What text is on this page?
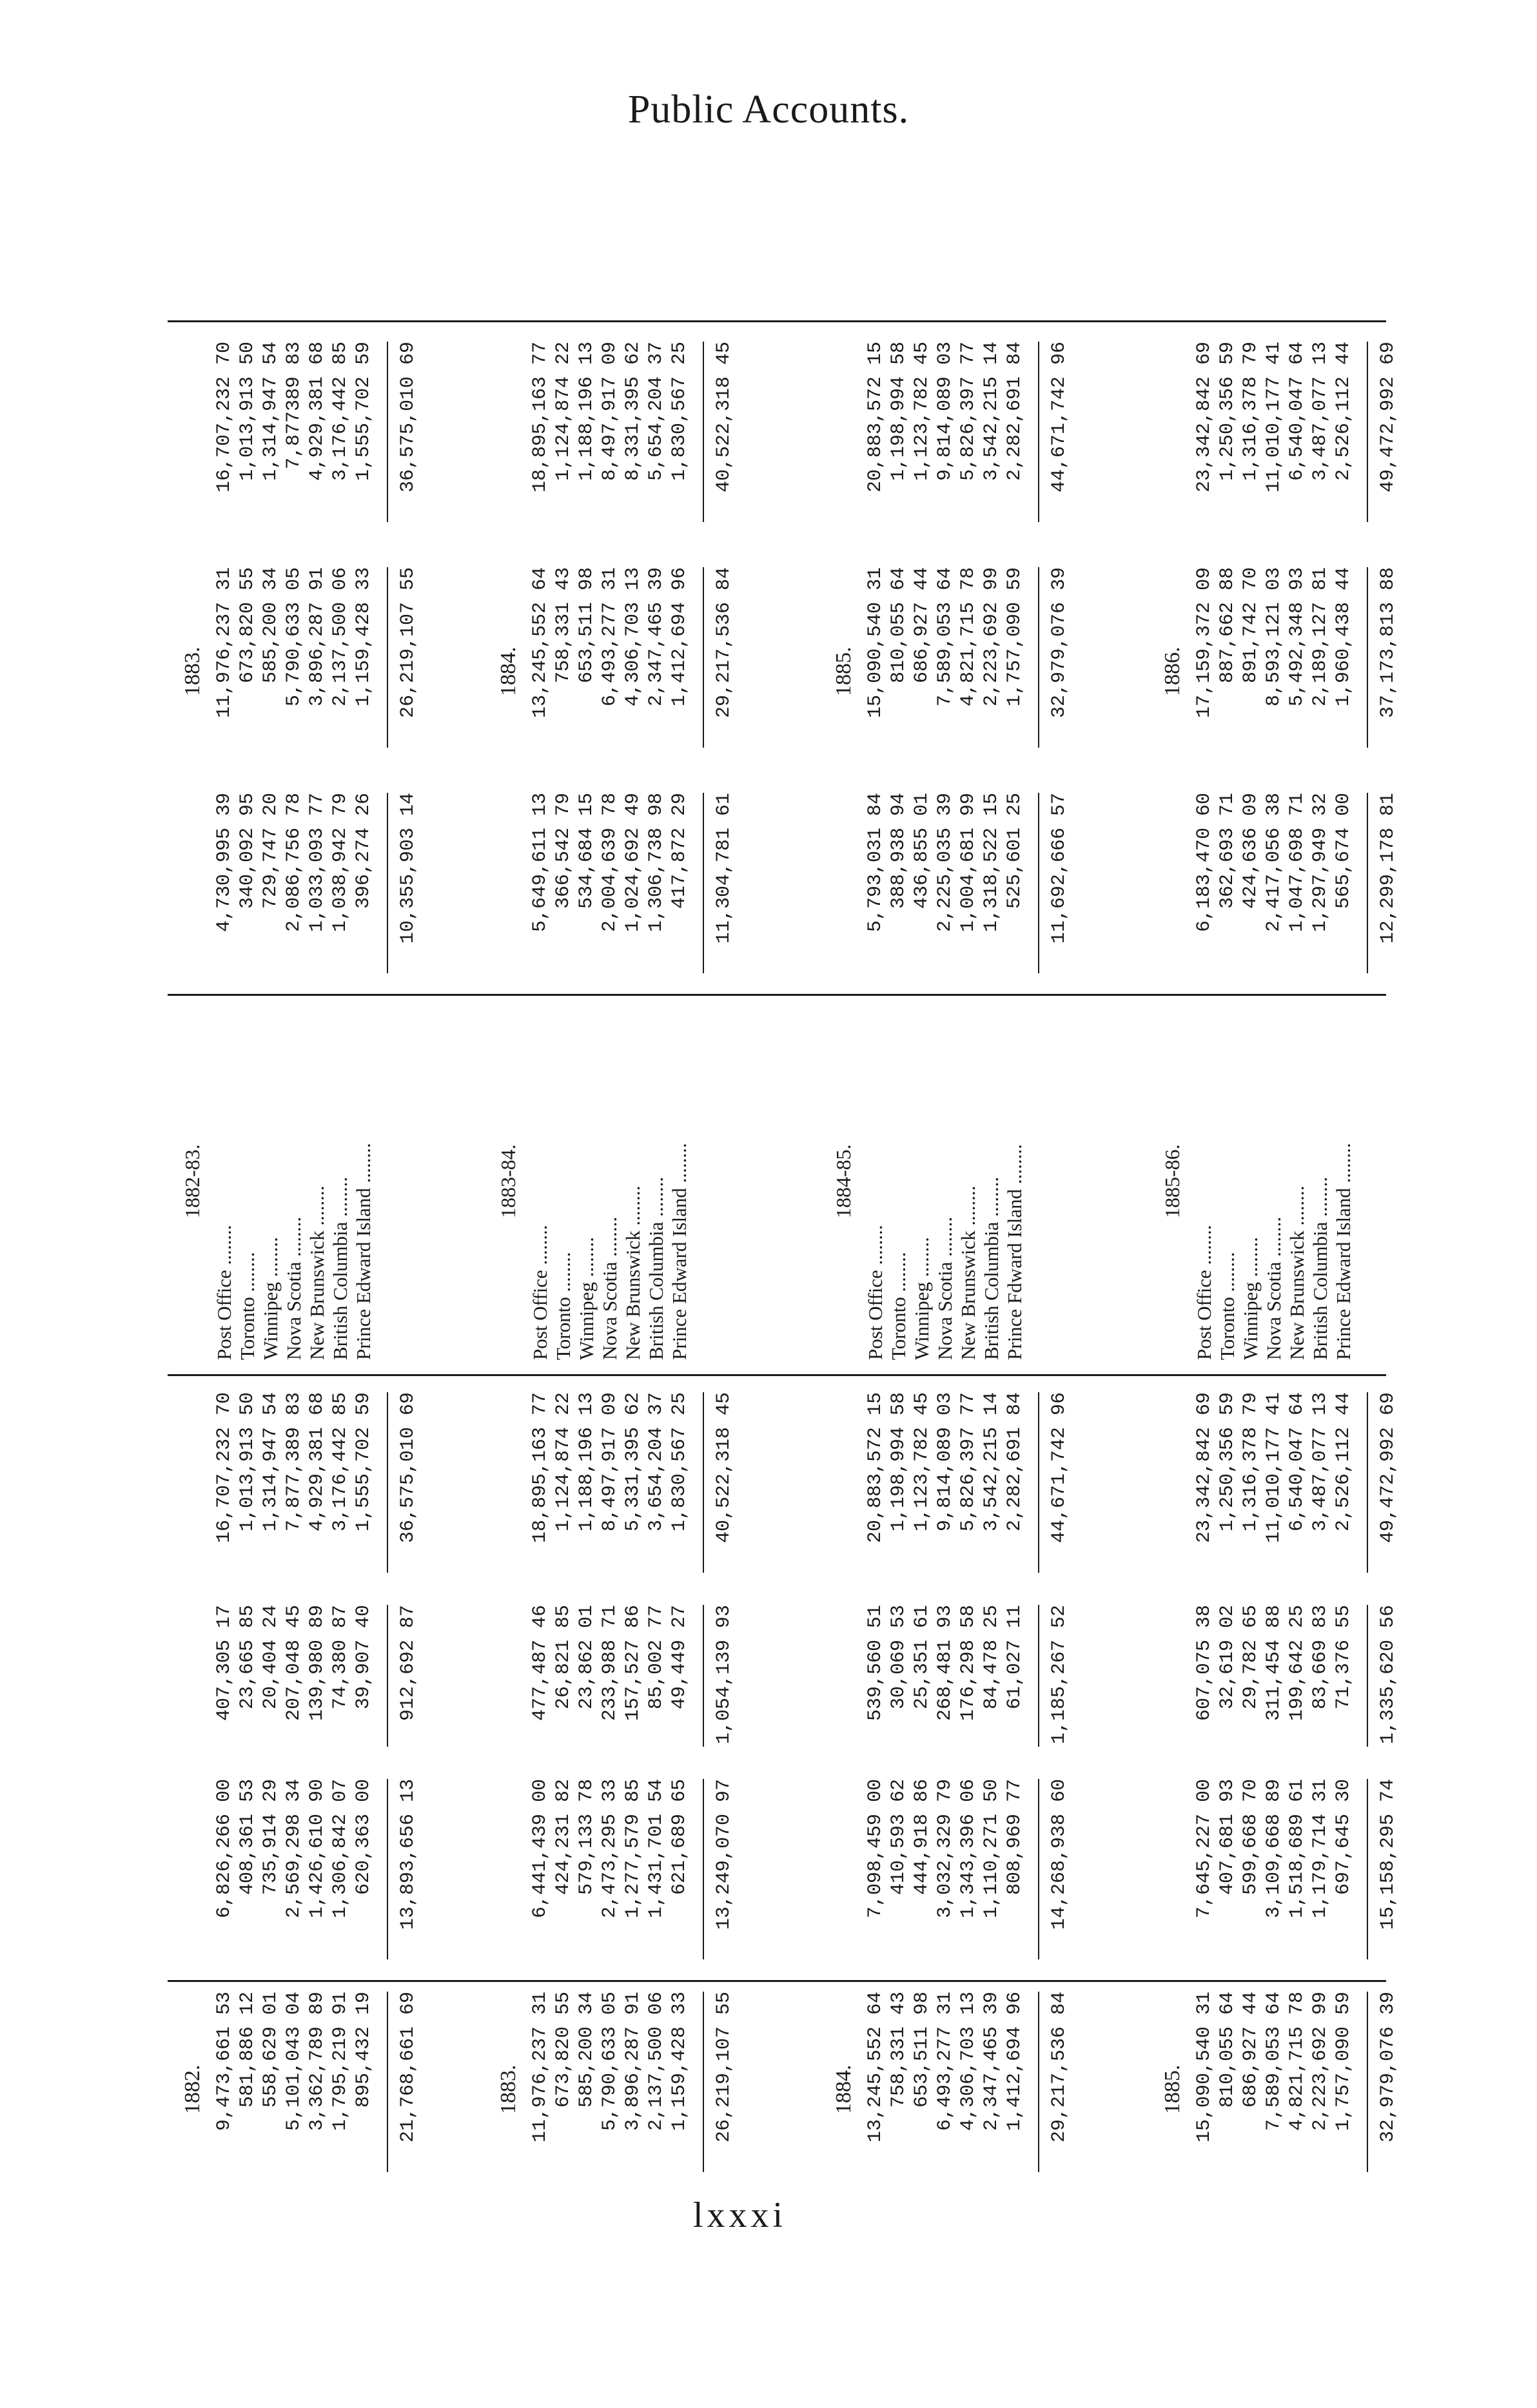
Public Accounts.
1882.
1882-83.
1883.
9,473,661 53 581,886 12 558,629 01 5,101,043 04 3,362,789 89 1,795,219 91 895,432 19 21,768,661 69
6,826,266 00 408,361 53 735,914 29 2,569,298 34 1,426,610 90 1,306,842 07 620,363 00 13,893,656 13
407,305 17 23,665 85 20,404 24 207,048 45 139,980 89 74,380 87 39,907 40 912,692 87
16,707,232 70 1,013,913 50 1,314,947 54 7,877,389 83 4,929,381 68 3,176,442 85 1,555,702 59 36,575,010 69
4,730,995 39 340,092 95 729,747 20 2,086,756 78 1,033,093 77 1,038,942 79 396,274 26 10,355,903 14
11,976,237 31 673,820 55 585,200 34 5,790,633 05 3,896,287 91 2,137,500 06 1,159,428 33 26,219,107 55
16,707,232 70 1,013,913 50 1,314,947 54 7,877389 83 4,929,381 68 3,176,442 85 1,555,702 59 36,575,010 69
Post Office ........ Toronto ........ Winnipeg ........ Nova Scotia ........ New Brunswick ........ British Columbia ........ Prince Edward Island ........
1883.
1883-84.
1884.
11,976,237 31 673,820 55 585,200 34 5,790,633 05 3,896,287 91 2,137,500 06 1,159,428 33 26,219,107 55
6,441,439 00 424,231 82 579,133 78 2,473,295 33 1,277,579 85 1,431,701 54 621,689 65 13,249,070 97
477,487 46 26,821 85 23,862 01 233,988 71 157,527 86 85,002 77 49,449 27 1,054,139 93
18,895,163 77 1,124,874 22 1,188,196 13 8,497,917 09 5,331,395 62 3,654,204 37 1,830,567 25 40,522,318 45
5,649,611 13 366,542 79 534,684 15 2,004,639 78 1,024,692 49 1,306,738 98 417,872 29 11,304,781 61
13,245,552 64 758,331 43 653,511 98 6,493,277 31 4,306,703 13 2,347,465 39 1,412,694 96 29,217,536 84
18,895,163 77 1,124,874 22 1,188,196 13 8,497,917 09 8,331,395 62 5,654,204 37 1,830,567 25 40,522,318 45
Post Office ........ Toronto ........ Winnipeg ........ Nova Scotia ........ New Brunswick ........ British Columbia ........ Prince Edward Island ........
1884.
1884-85.
1885.
13,245,552 64 758,331 43 653,511 98 6,493,277 31 4,306,703 13 2,347,465 39 1,412,694 96 29,217,536 84
7,098,459 00 410,593 62 444,918 86 3,032,329 79 1,343,396 06 1,110,271 50 808,969 77 14,268,938 60
539,560 51 30,069 53 25,351 61 268,481 93 176,298 58 84,478 25 61,027 11 1,185,267 52
20,883,572 15 1,198,994 58 1,123,782 45 9,814,089 03 5,826,397 77 3,542,215 14 2,282,691 84 44,671,742 96
5,793,031 84 388,938 94 436,855 01 2,225,035 39 1,004,681 99 1,318,522 15 525,601 25 11,692,666 57
15,090,540 31 810,055 64 686,927 44 7,589,053 64 4,821,715 78 2,223,692 99 1,757,090 59 32,979,076 39
20,883,572 15 1,198,994 58 1,123,782 45 9,814,089 03 5,826,397 77 3,542,215 14 2,282,691 84 44,671,742 96
Post Office ........ Toronto ........ Winnipeg ........ Nova Scotia ........ New Brunswick ........ British Columbia ........ Prince Fdward Island ........
1885.
1885-86.
1886.
15,090,540 31 810,055 64 686,927 44 7,589,053 64 4,821,715 78 2,223,692 99 1,757,090 59 32,979,076 39
7,645,227 00 407,681 93 599,668 70 3,109,668 89 1,518,689 61 1,179,714 31 697,645 30 15,158,295 74
607,075 38 32,619 02 29,782 65 311,454 88 199,642 25 83,669 83 71,376 55 1,335,620 56
23,342,842 69 1,250,356 59 1,316,378 79 11,010,177 41 6,540,047 64 3,487,077 13 2,526,112 44 49,472,992 69
6,183,470 60 362,693 71 424,636 09 2,417,056 38 1,047,698 71 1,297,949 32 565,674 00 12,299,178 81
17,159,372 09 887,662 88 891,742 70 8,593,121 03 5,492,348 93 2,189,127 81 1,960,438 44 37,173,813 88
23,342,842 69 1,250,356 59 1,316,378 79 11,010,177 41 6,540,047 64 3,487,077 13 2,526,112 44 49,472,992 69
Post Office ........ Toronto ........ Winnipeg ........ Nova Scotia ........ New Brunswick ........ British Columbia ........ Prince Edward Island ........
lxxxi
